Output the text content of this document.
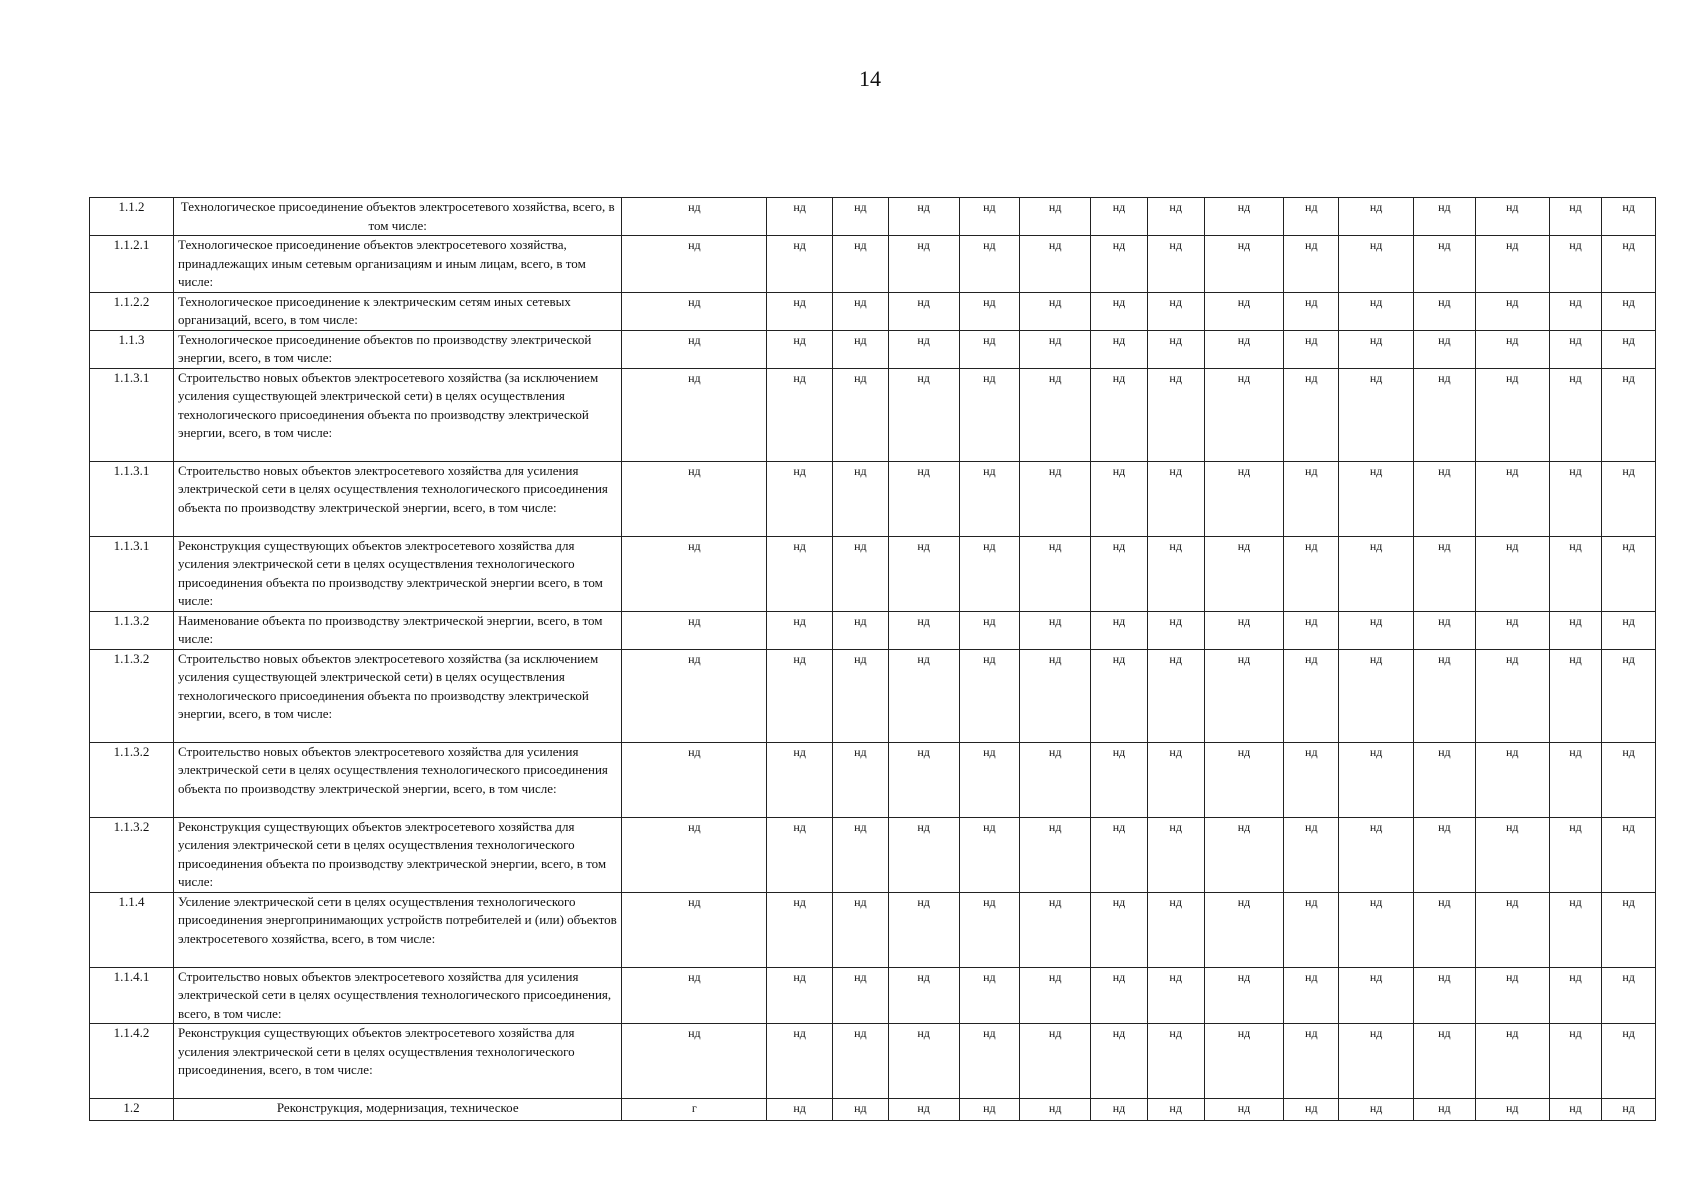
14
1.1.2	Технологическое присоединение объектов электросетевого хозяйства, всего, в том числе:	нд	нд	нд	нд	нд	нд	нд	нд	нд	нд	нд	нд	нд	нд	нд
1.1.2.1	Технологическое присоединение объектов электросетевого хозяйства, принадлежащих иным сетевым организациям и иным лицам, всего, в том числе:	нд	нд	нд	нд	нд	нд	нд	нд	нд	нд	нд	нд	нд	нд	нд
1.1.2.2	Технологическое присоединение к электрическим сетям иных сетевых организаций, всего, в том числе:	нд	нд	нд	нд	нд	нд	нд	нд	нд	нд	нд	нд	нд	нд	нд
1.1.3	Технологическое присоединение объектов по производству электрической энергии, всего, в том числе:	нд	нд	нд	нд	нд	нд	нд	нд	нд	нд	нд	нд	нд	нд	нд
1.1.3.1	Строительство новых объектов электросетевого хозяйства (за исключением усиления существующей электрической сети) в целях осуществления технологического присоединения объекта по производству электрической энергии, всего, в том числе:	нд	нд	нд	нд	нд	нд	нд	нд	нд	нд	нд	нд	нд	нд	нд
1.1.3.1	Строительство новых объектов электросетевого хозяйства для усиления электрической сети в целях осуществления технологического присоединения объекта по производству электрической энергии, всего, в том числе:	нд	нд	нд	нд	нд	нд	нд	нд	нд	нд	нд	нд	нд	нд	нд
1.1.3.1	Реконструкция существующих объектов электросетевого хозяйства для усиления электрической сети в целях осуществления технологического присоединения объекта по производству электрической энергии всего, в том числе:	нд	нд	нд	нд	нд	нд	нд	нд	нд	нд	нд	нд	нд	нд	нд
1.1.3.2	Наименование объекта по производству электрической энергии, всего, в том числе:	нд	нд	нд	нд	нд	нд	нд	нд	нд	нд	нд	нд	нд	нд	нд
1.1.3.2	Строительство новых объектов электросетевого хозяйства (за исключением усиления существующей электрической сети) в целях осуществления технологического присоединения объекта по производству электрической энергии, всего, в том числе:	нд	нд	нд	нд	нд	нд	нд	нд	нд	нд	нд	нд	нд	нд	нд
1.1.3.2	Строительство новых объектов электросетевого хозяйства для усиления электрической сети в целях осуществления технологического присоединения объекта по производству электрической энергии, всего, в том числе:	нд	нд	нд	нд	нд	нд	нд	нд	нд	нд	нд	нд	нд	нд	нд
1.1.3.2	Реконструкция существующих объектов электросетевого хозяйства для усиления электрической сети в целях осуществления технологического присоединения объекта по производству электрической энергии, всего, в том числе:	нд	нд	нд	нд	нд	нд	нд	нд	нд	нд	нд	нд	нд	нд	нд
1.1.4	Усиление электрической сети в целях осуществления технологического присоединения энергопринимающих устройств потребителей и (или) объектов электросетевого хозяйства, всего, в том числе:	нд	нд	нд	нд	нд	нд	нд	нд	нд	нд	нд	нд	нд	нд	нд
1.1.4.1	Строительство новых объектов электросетевого хозяйства для усиления электрической сети в целях осуществления технологического присоединения, всего, в том числе:	нд	нд	нд	нд	нд	нд	нд	нд	нд	нд	нд	нд	нд	нд	нд
1.1.4.2	Реконструкция существующих объектов электросетевого хозяйства для усиления электрической сети в целях осуществления технологического присоединения, всего, в том числе:	нд	нд	нд	нд	нд	нд	нд	нд	нд	нд	нд	нд	нд	нд	нд
1.2	Реконструкция, модернизация, техническое	г	нд	нд	нд	нд	нд	нд	нд	нд	нд	нд	нд	нд	нд	нд
